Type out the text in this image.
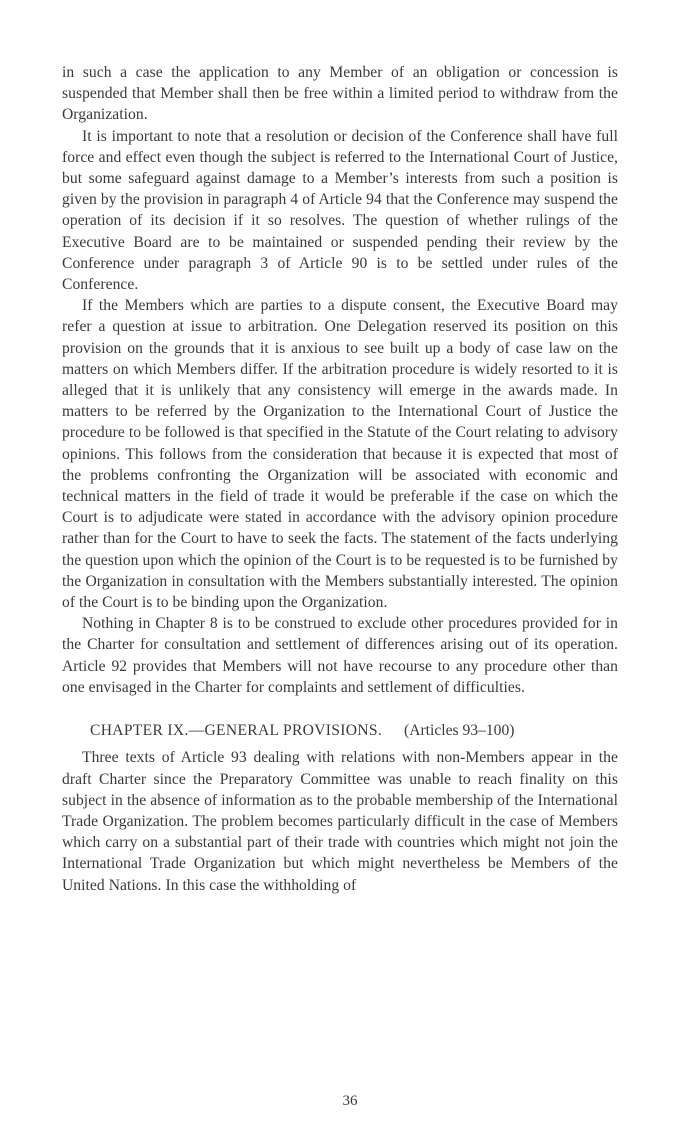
in such a case the application to any Member of an obligation or concession is suspended that Member shall then be free within a limited period to withdraw from the Organization.

It is important to note that a resolution or decision of the Conference shall have full force and effect even though the subject is referred to the International Court of Justice, but some safeguard against damage to a Member’s interests from such a position is given by the provision in paragraph 4 of Article 94 that the Conference may suspend the operation of its decision if it so resolves. The question of whether rulings of the Executive Board are to be maintained or suspended pending their review by the Conference under paragraph 3 of Article 90 is to be settled under rules of the Conference.

If the Members which are parties to a dispute consent, the Executive Board may refer a question at issue to arbitration. One Delegation reserved its position on this provision on the grounds that it is anxious to see built up a body of case law on the matters on which Members differ. If the arbitration procedure is widely resorted to it is alleged that it is unlikely that any consistency will emerge in the awards made. In matters to be referred by the Organization to the International Court of Justice the procedure to be followed is that specified in the Statute of the Court relating to advisory opinions. This follows from the consideration that because it is expected that most of the problems confronting the Organization will be associated with economic and technical matters in the field of trade it would be preferable if the case on which the Court is to adjudicate were stated in accordance with the advisory opinion procedure rather than for the Court to have to seek the facts. The statement of the facts underlying the question upon which the opinion of the Court is to be requested is to be furnished by the Organization in consultation with the Members substantially interested. The opinion of the Court is to be binding upon the Organization.

Nothing in Chapter 8 is to be construed to exclude other procedures provided for in the Charter for consultation and settlement of differences arising out of its operation. Article 92 provides that Members will not have recourse to any procedure other than one envisaged in the Charter for complaints and settlement of difficulties.

CHAPTER IX.—GENERAL PROVISIONS. (Articles 93–100)

Three texts of Article 93 dealing with relations with non-Members appear in the draft Charter since the Preparatory Committee was unable to reach finality on this subject in the absence of information as to the probable membership of the International Trade Organization. The problem becomes particularly difficult in the case of Members which carry on a substantial part of their trade with countries which might not join the International Trade Organization but which might nevertheless be Members of the United Nations. In this case the withholding of

36
